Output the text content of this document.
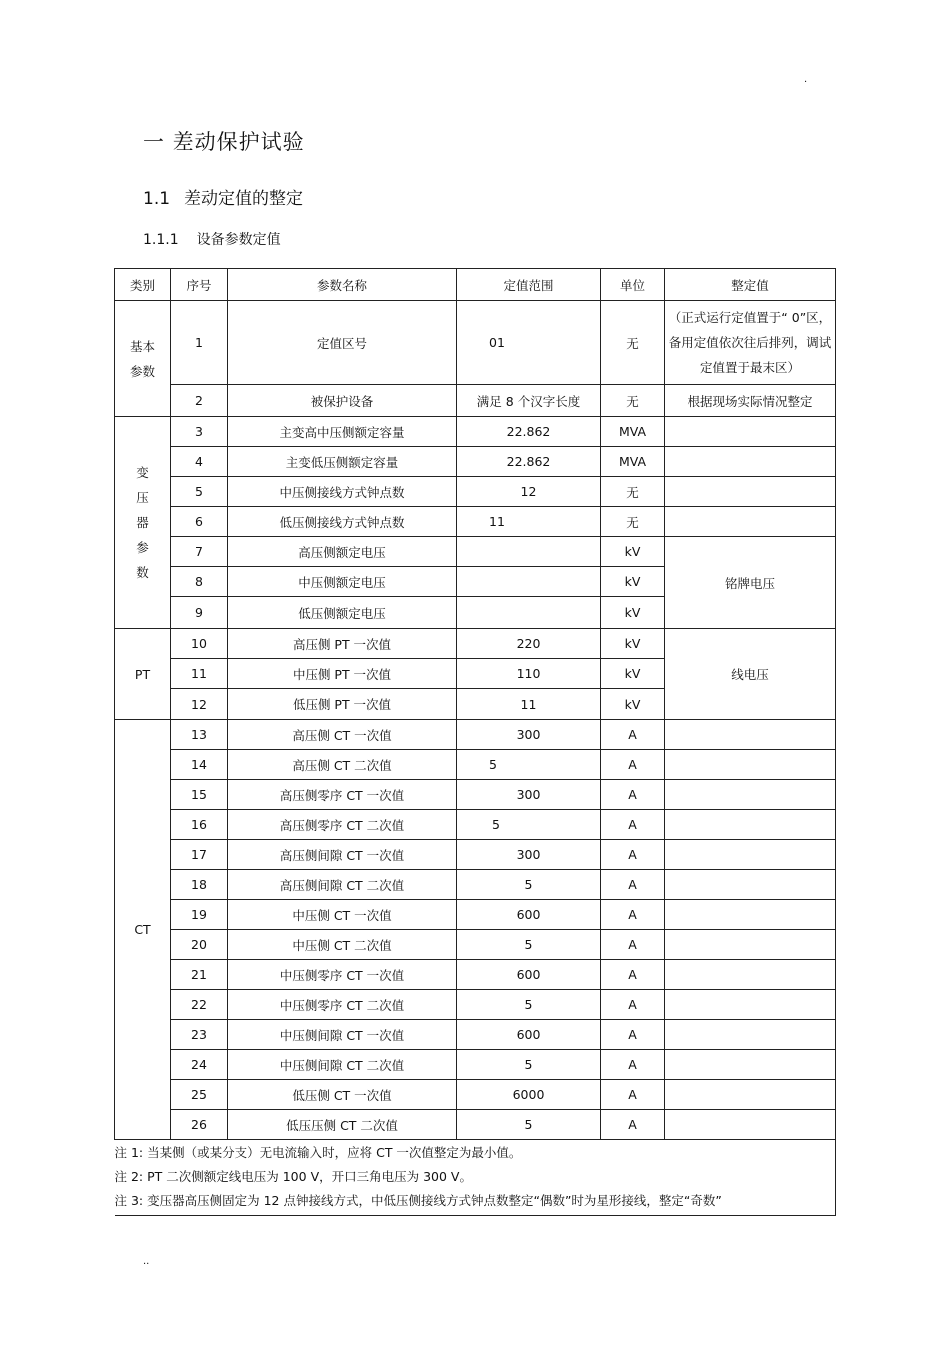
.
一 差动保护试验
1.1 差动定值的整定
1.1.1 设备参数定值
类别	序号	参数名称	定值范围	单位	整定值

基本
参数	1	定值区号	01	无	（正式运行定值置于“ 0”区，备用定值依次往后排列，调试定值置于最末区）
	2	被保护设备	满足 8 个汉字长度	无	根据现场实际情况整定

变
压
器
参
数	3	主变高中压侧额定容量	22.862	MVA	
	4	主变低压侧额定容量	22.862	MVA	
	5	中压侧接线方式钟点数	12	无	
	6	低压侧接线方式钟点数	11	无	
	7	高压侧额定电压		kV	铭牌电压
	8	中压侧额定电压		kV	
	9	低压侧额定电压		kV	
PT	10	高压侧 PT 一次值	220	kV	线电压
	11	中压侧 PT 一次值	110	kV	
	12	低压侧 PT 一次值	11	kV	
CT	13	高压侧 CT 一次值	300	A	
	14	高压侧 CT 二次值	5	A	
	15	高压侧零序 CT 一次值	300	A	
	16	高压侧零序 CT 二次值	5	A	
	17	高压侧间隙 CT 一次值	300	A	
	18	高压侧间隙 CT 二次值	5	A	
	19	中压侧 CT 一次值	600	A	
	20	中压侧 CT 二次值	5	A	
	21	中压侧零序 CT 一次值	600	A	
	22	中压侧零序 CT 二次值	5	A	
	23	中压侧间隙 CT 一次值	600	A	
	24	中压侧间隙 CT 二次值	5	A	
	25	低压侧 CT 一次值	6000	A	
	26	低压压侧 CT 二次值	5	A	

注 1: 当某侧（或某分支）无电流输入时，应将 CT 一次值整定为最小值。
注 2: PT 二次侧额定线电压为 100 V，开口三角电压为 300 V。
注 3: 变压器高压侧固定为 12 点钟接线方式，中低压侧接线方式钟点数整定“偶数”时为星形接线，整定“奇数”					
..
